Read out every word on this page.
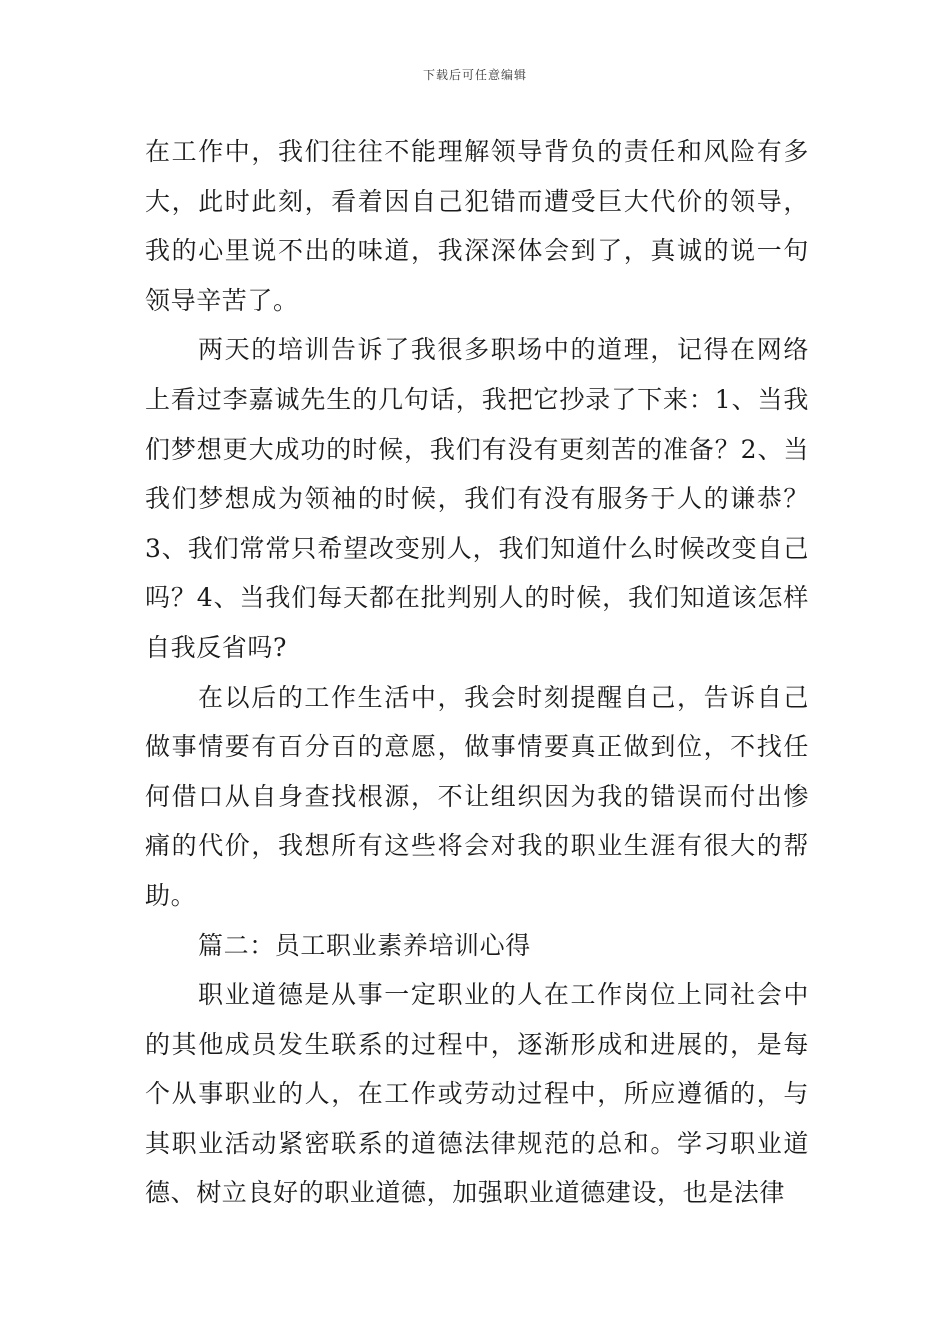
下载后可任意编辑

在工作中，我们往往不能理解领导背负的责任和风险有多大，此时此刻，看着因自己犯错而遭受巨大代价的领导，我的心里说不出的味道，我深深体会到了，真诚的说一句领导辛苦了。

两天的培训告诉了我很多职场中的道理，记得在网络上看过李嘉诚先生的几句话，我把它抄录了下来：1、当我们梦想更大成功的时候，我们有没有更刻苦的准备？2、当我们梦想成为领袖的时候，我们有没有服务于人的谦恭？3、我们常常只希望改变别人，我们知道什么时候改变自己吗？4、当我们每天都在批判别人的时候，我们知道该怎样自我反省吗?

在以后的工作生活中，我会时刻提醒自己，告诉自己做事情要有百分百的意愿，做事情要真正做到位，不找任何借口从自身查找根源，不让组织因为我的错误而付出惨痛的代价，我想所有这些将会对我的职业生涯有很大的帮助。

篇二：员工职业素养培训心得

职业道德是从事一定职业的人在工作岗位上同社会中的其他成员发生联系的过程中，逐渐形成和进展的，是每个从事职业的人，在工作或劳动过程中，所应遵循的，与其职业活动紧密联系的道德法律规范的总和。学习职业道德、树立良好的职业道德，加强职业道德建设，也是法律
